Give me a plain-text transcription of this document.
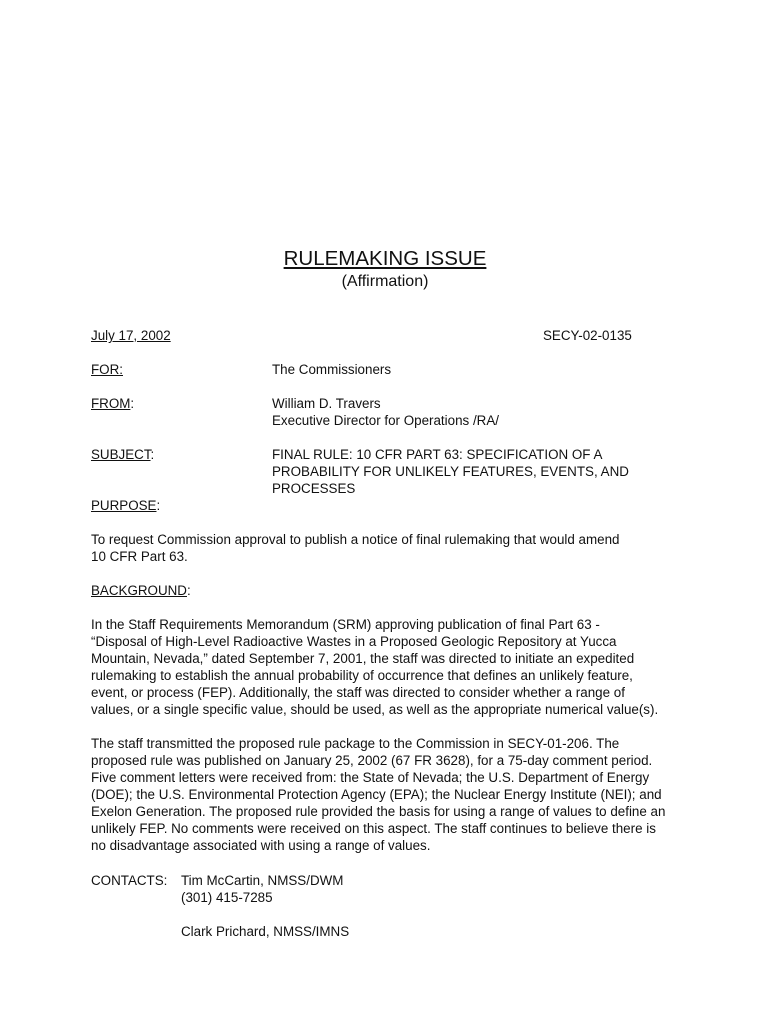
RULEMAKING ISSUE
(Affirmation)
July 17, 2002	SECY-02-0135
FOR:	The Commissioners
FROM:	William D. Travers
Executive Director for Operations /RA/
SUBJECT:	FINAL RULE: 10 CFR PART 63: SPECIFICATION OF A
PROBABILITY FOR UNLIKELY FEATURES, EVENTS, AND
PROCESSES
PURPOSE:
To request Commission approval to publish a notice of final rulemaking that would amend
10 CFR Part 63.
BACKGROUND:
In the Staff Requirements Memorandum (SRM) approving publication of final Part 63 -
“Disposal of High-Level Radioactive Wastes in a Proposed Geologic Repository at Yucca
Mountain, Nevada,” dated September 7, 2001, the staff was directed to initiate an expedited
rulemaking to establish the annual probability of occurrence that defines an unlikely feature,
event, or process (FEP). Additionally, the staff was directed to consider whether a range of
values, or a single specific value, should be used, as well as the appropriate numerical value(s).
The staff transmitted the proposed rule package to the Commission in SECY-01-206. The
proposed rule was published on January 25, 2002 (67 FR 3628), for a 75-day comment period.
Five comment letters were received from: the State of Nevada; the U.S. Department of Energy
(DOE); the U.S. Environmental Protection Agency (EPA); the Nuclear Energy Institute (NEI); and
Exelon Generation. The proposed rule provided the basis for using a range of values to define an
unlikely FEP. No comments were received on this aspect. The staff continues to believe there is
no disadvantage associated with using a range of values.
CONTACTS: Tim McCartin, NMSS/DWM
(301) 415-7285
Clark Prichard, NMSS/IMNS
